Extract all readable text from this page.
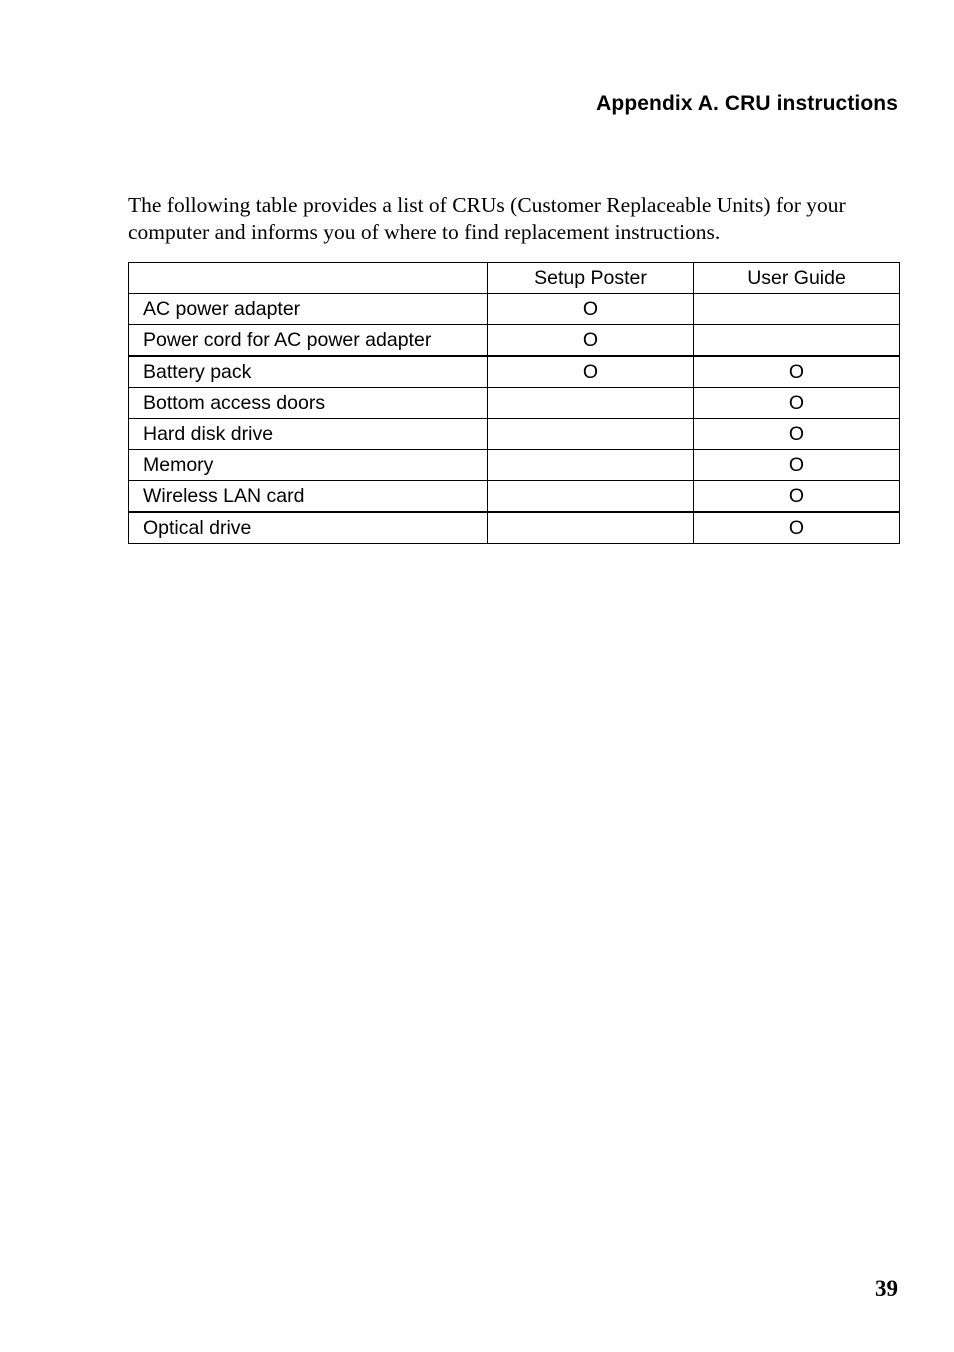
Appendix A. CRU instructions

The following table provides a list of CRUs (Customer Replaceable Units) for your computer and informs you of where to find replacement instructions.

	Setup Poster	User Guide
AC power adapter	O	
Power cord for AC power adapter	O	
Battery pack	O	O
Bottom access doors		O
Hard disk drive		O
Memory		O
Wireless LAN card		O
Optical drive		O
39
